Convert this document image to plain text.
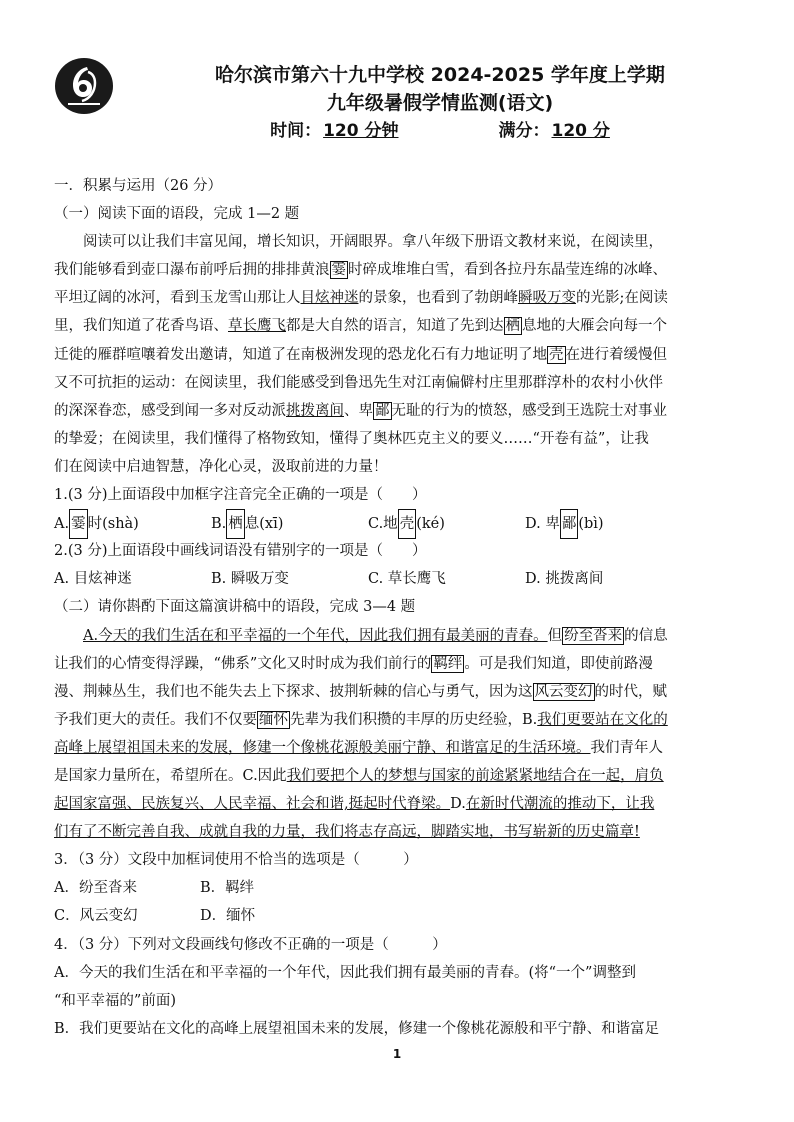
哈尔滨市第六十九中学校 2024-2025 学年度上学期
九年级暑假学情监测(语文)
时间： 120 分钟	满分： 120 分
一．积累与运用（26 分）
（一）阅读下面的语段，完成 1—2 题
阅读可以让我们丰富见闻，增长知识，开阔眼界。拿八年级下册语文教材来说，在阅读里，
我们能够看到壶口瀑布前呼后拥的排排黄浪 霎 时碎成堆堆白雪，看到各拉丹东晶莹连绵的冰峰、
平坦辽阔的冰河，看到玉龙雪山那让人目炫神迷的景象，也看到了勃朗峰瞬吸万变的光影;在阅读
里，我们知道了花香鸟语、草长鹰飞都是大自然的语言，知道了先到达 栖 息地的大雁会向每一个
迁徙的雁群喧嚷着发出邀请，知道了在南极洲发现的恐龙化石有力地证明了地 壳 在进行着缓慢但
又不可抗拒的运动：在阅读里，我们能感受到鲁迅先生对江南偏僻村庄里那群淳朴的农村小伙伴
的深深眷恋，感受到闻一多对反动派挑拨离间、卑 鄙 无耻的行为的愤怒，感受到王选院士对事业
的挚爱；在阅读里，我们懂得了格物致知，懂得了奥林匹克主义的要义……“开卷有益”，让我
们在阅读中启迪智慧，净化心灵，汲取前进的力量！
1.(3 分)上面语段中加框字注音完全正确的一项是（　　）
A. 霎 时(shà)	B. 栖 息(xī)	C.地 壳 (ké)	D. 卑 鄙 (bì)
2.(3 分)上面语段中画线词语没有错别字的一项是（　　）
A. 目炫神迷	B. 瞬吸万变	C. 草长鹰飞	D. 挑拨离间
（二）请你斟酌下面这篇演讲稿中的语段，完成 3—4 题
A.今天的我们生活在和平幸福的一个年代，因此我们拥有最美丽的青春。但 纷至沓来 的信息
让我们的心情变得浮躁，“佛系”文化又时时成为我们前行的 羁绊 。可是我们知道，即使前路漫
漫、荆棘丛生，我们也不能失去上下探求、披荆斩棘的信心与勇气，因为这 风云变幻 的时代，赋
予我们更大的责任。我们不仅要 缅怀 先辈为我们积攒的丰厚的历史经验，B.我们更要站在文化的
高峰上展望祖国未来的发展，修建一个像桃花源般美丽宁静、和谐富足的生活环境。我们青年人
是国家力量所在，希望所在。C.因此我们要把个人的梦想与国家的前途紧紧地结合在一起，肩负
起国家富强、民族复兴、人民幸福、社会和谐,挺起时代脊梁。D.在新时代潮流的推动下，让我
们有了不断完善自我、成就自我的力量，我们将志存高远，脚踏实地，书写崭新的历史篇章!
3．（3 分）文段中加框词使用不恰当的选项是（　　　）
A．纷至沓来	B．羁绊
C．风云变幻	D．缅怀
4．（3 分）下列对文段画线句修改不正确的一项是（　　　）
A．今天的我们生活在和平幸福的一个年代，因此我们拥有最美丽的青春。(将“一个”调整到
“和平幸福的”前面)
B．我们更要站在文化的高峰上展望祖国未来的发展，修建一个像桃花源般和平宁静、和谐富足
1
